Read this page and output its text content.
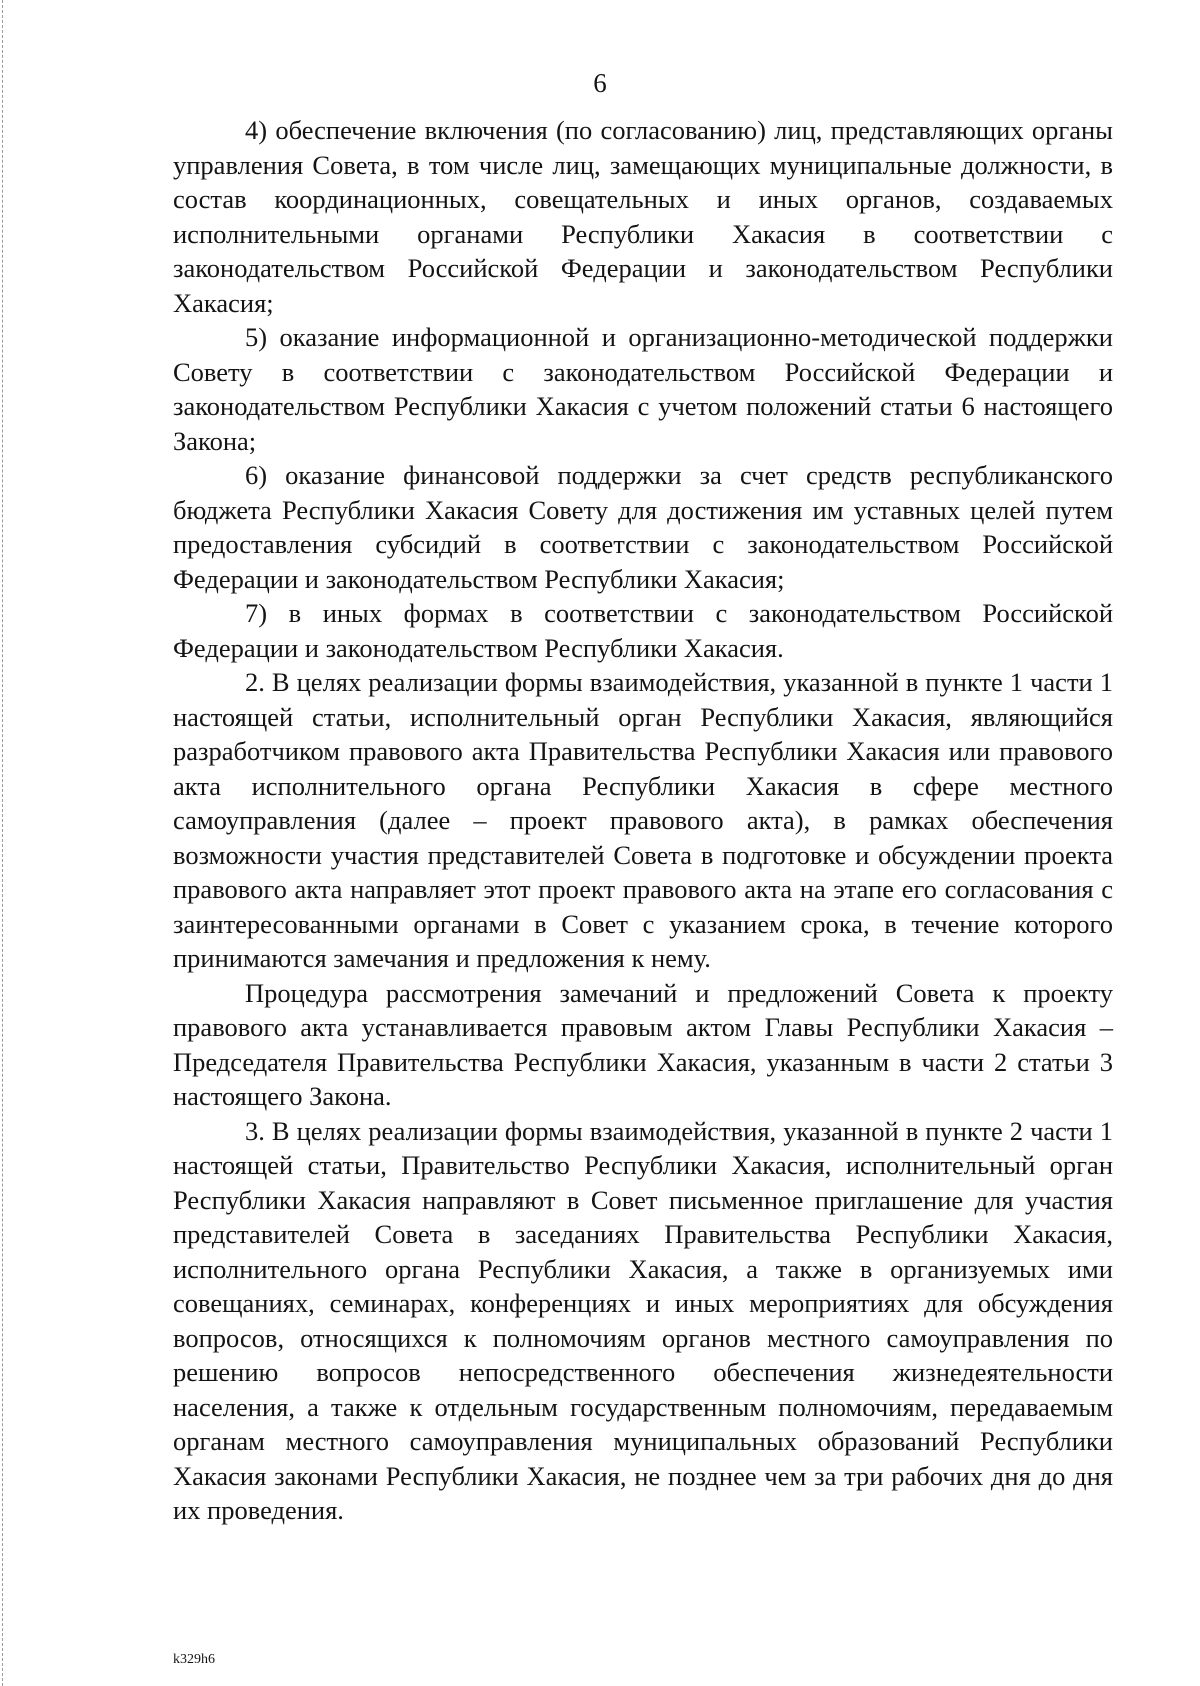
6

4) обеспечение включения (по согласованию) лиц, представляющих органы управления Совета, в том числе лиц, замещающих муниципальные должности, в состав координационных, совещательных и иных органов, создаваемых исполнительными органами Республики Хакасия в соответствии с законодательством Российской Федерации и законодательством Республики Хакасия;

5) оказание информационной и организационно-методической поддержки Совету в соответствии с законодательством Российской Федерации и законодательством Республики Хакасия с учетом положений статьи 6 настоящего Закона;

6) оказание финансовой поддержки за счет средств республиканского бюджета Республики Хакасия Совету для достижения им уставных целей путем предоставления субсидий в соответствии с законодательством Российской Федерации и законодательством Республики Хакасия;

7) в иных формах в соответствии с законодательством Российской Федерации и законодательством Республики Хакасия.

2. В целях реализации формы взаимодействия, указанной в пункте 1 части 1 настоящей статьи, исполнительный орган Республики Хакасия, являющийся разработчиком правового акта Правительства Республики Хакасия или правового акта исполнительного органа Республики Хакасия в сфере местного самоуправления (далее – проект правового акта), в рамках обеспечения возможности участия представителей Совета в подготовке и обсуждении проекта правового акта направляет этот проект правового акта на этапе его согласования с заинтересованными органами в Совет с указанием срока, в течение которого принимаются замечания и предложения к нему.

Процедура рассмотрения замечаний и предложений Совета к проекту правового акта устанавливается правовым актом Главы Республики Хакасия – Председателя Правительства Республики Хакасия, указанным в части 2 статьи 3 настоящего Закона.

3. В целях реализации формы взаимодействия, указанной в пункте 2 части 1 настоящей статьи, Правительство Республики Хакасия, исполнительный орган Республики Хакасия направляют в Совет письменное приглашение для участия представителей Совета в заседаниях Правительства Республики Хакасия, исполнительного органа Республики Хакасия, а также в организуемых ими совещаниях, семинарах, конференциях и иных мероприятиях для обсуждения вопросов, относящихся к полномочиям органов местного самоуправления по решению вопросов непосредственного обеспечения жизнедеятельности населения, а также к отдельным государственным полномочиям, передаваемым органам местного самоуправления муниципальных образований Республики Хакасия законами Республики Хакасия, не позднее чем за три рабочих дня до дня их проведения.

k329h6
